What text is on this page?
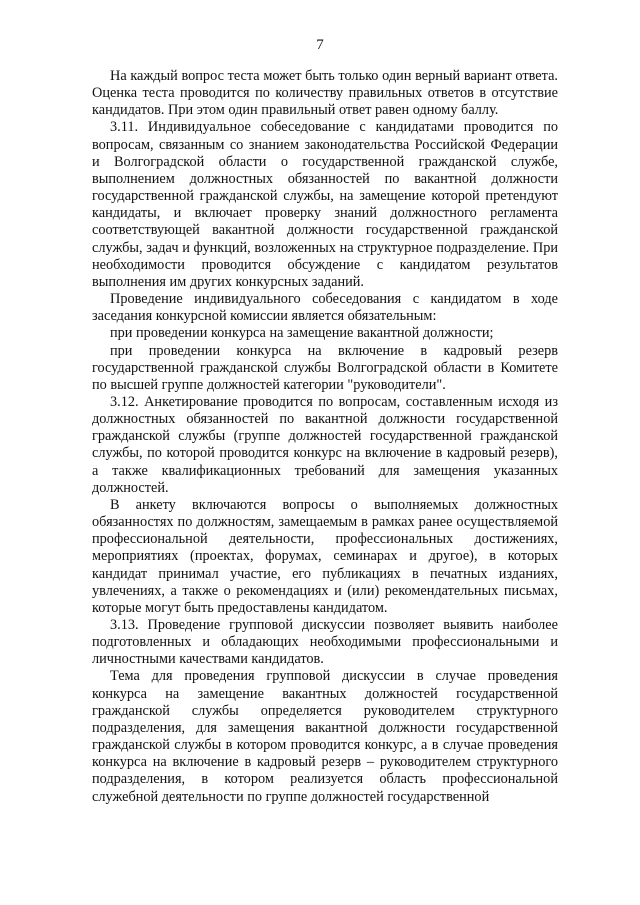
7

На каждый вопрос теста может быть только один верный вариант ответа. Оценка теста проводится по количеству правильных ответов в отсутствие кандидатов. При этом один правильный ответ равен одному баллу.

3.11. Индивидуальное собеседование с кандидатами проводится по вопросам, связанным со знанием законодательства Российской Федерации и Волгоградской области о государственной гражданской службе, выполнением должностных обязанностей по вакантной должности государственной гражданской службы, на замещение которой претендуют кандидаты, и включает проверку знаний должностного регламента соответствующей вакантной должности государственной гражданской службы, задач и функций, возложенных на структурное подразделение. При необходимости проводится обсуждение с кандидатом результатов выполнения им других конкурсных заданий.

Проведение индивидуального собеседования с кандидатом в ходе заседания конкурсной комиссии является обязательным:

при проведении конкурса на замещение вакантной должности;

при проведении конкурса на включение в кадровый резерв государственной гражданской службы Волгоградской области в Комитете по высшей группе должностей категории "руководители".

3.12. Анкетирование проводится по вопросам, составленным исходя из должностных обязанностей по вакантной должности государственной гражданской службы (группе должностей государственной гражданской службы, по которой проводится конкурс на включение в кадровый резерв), а также квалификационных требований для замещения указанных должностей.

В анкету включаются вопросы о выполняемых должностных обязанностях по должностям, замещаемым в рамках ранее осуществляемой профессиональной деятельности, профессиональных достижениях, мероприятиях (проектах, форумах, семинарах и другое), в которых кандидат принимал участие, его публикациях в печатных изданиях, увлечениях, а также о рекомендациях и (или) рекомендательных письмах, которые могут быть предоставлены кандидатом.

3.13. Проведение групповой дискуссии позволяет выявить наиболее подготовленных и обладающих необходимыми профессиональными и личностными качествами кандидатов.

Тема для проведения групповой дискуссии в случае проведения конкурса на замещение вакантных должностей государственной гражданской службы определяется руководителем структурного подразделения, для замещения вакантной должности государственной гражданской службы в котором проводится конкурс, а в случае проведения конкурса на включение в кадровый резерв – руководителем структурного подразделения, в котором реализуется область профессиональной служебной деятельности по группе должностей государственной
